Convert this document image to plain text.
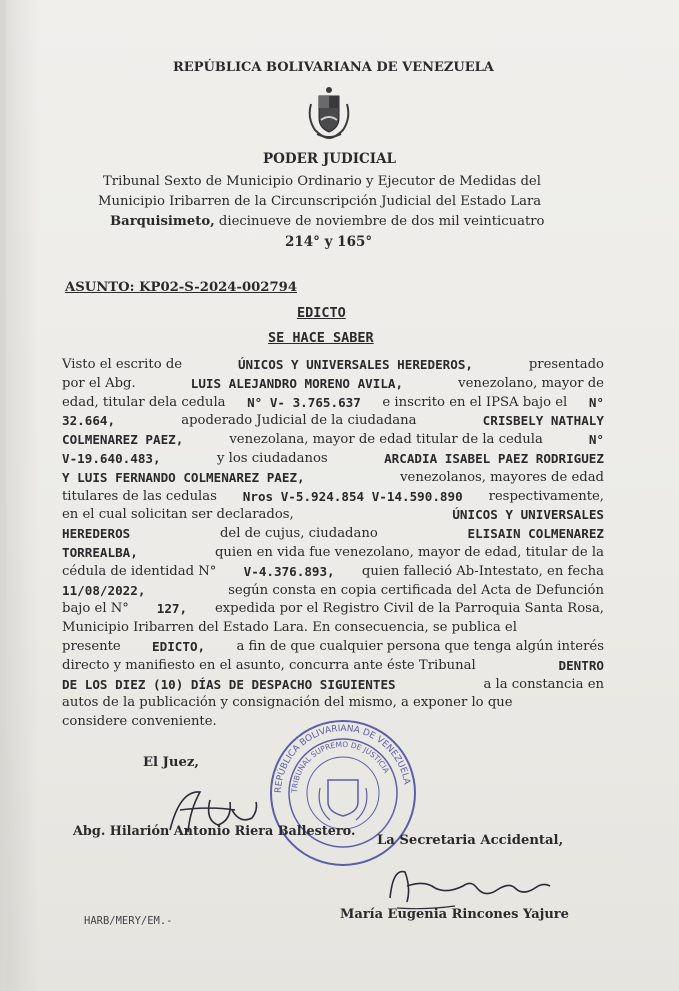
REPÚBLICA BOLIVARIANA DE VENEZUELA
PODER JUDICIAL
Tribunal Sexto de Municipio Ordinario y Ejecutor de Medidas del
Municipio Iribarren de la Circunscripción Judicial del Estado Lara
Barquisimeto, diecinueve de noviembre de dos mil veinticuatro
214° y 165°
ASUNTO: KP02-S-2024-002794
EDICTO
SE HACE SABER
Visto el escrito de	ÚNICOS Y UNIVERSALES HEREDEROS,	presentado
por el Abg.	LUIS ALEJANDRO MORENO AVILA,	venezolano, mayor de
edad, titular dela cedula N° V- 3.765.637 e inscrito en el IPSA bajo el N°
32.664,	apoderado Judicial de la ciudadana	CRISBELY NATHALY
COLMENAREZ PAEZ,	venezolana, mayor de edad titular de la cedula	N°
V-19.640.483,	y los ciudadanos	ARCADIA ISABEL PAEZ RODRIGUEZ
Y LUIS FERNANDO COLMENAREZ PAEZ,	venezolanos, mayores de edad
titulares de las cedulas Nros V-5.924.854 V-14.590.890 respectivamente,
en el cual solicitan ser declarados,	ÚNICOS Y UNIVERSALES
HEREDEROS	del de cujus, ciudadano	ELISAIN COLMENAREZ
TORREALBA,	quien en vida fue venezolano, mayor de edad, titular de la
cédula de identidad N° V-4.376.893, quien falleció Ab-Intestato, en fecha
11/08/2022,	según consta en copia certificada del Acta de Defunción
bajo el N° 127, expedida por el Registro Civil de la Parroquia Santa Rosa,
Municipio Iribarren del Estado Lara. En consecuencia, se publica el
presente EDICTO, a fin de que cualquier persona que tenga algún interés
directo y manifiesto en el asunto, concurra ante éste Tribunal	DENTRO
DE LOS DIEZ (10) DÍAS DE DESPACHO SIGUIENTES	a la constancia en
autos de la publicación y consignación del mismo, a exponer lo que
considere conveniente.
El Juez,
REPÚBLICA BOLIVARIANA DE VENEZUELA
TRIBUNAL SUPREMO DE JUSTICIA
Abg. Hilarión Antonio Riera Ballestero.
La Secretaria Accidental,
María Eugenia Rincones Yajure
HARB/MERY/EM.-
